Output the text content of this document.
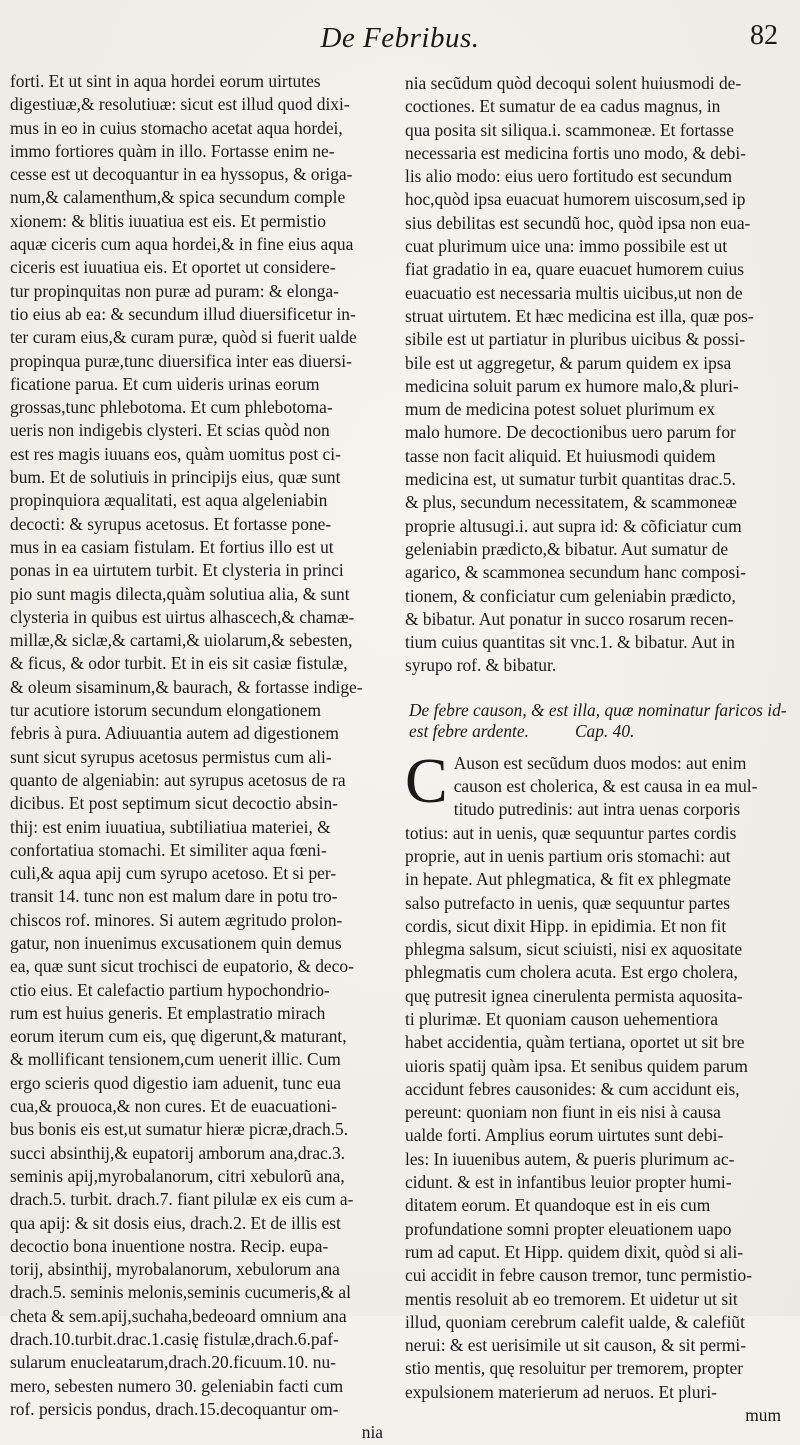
De Febribus.	82
forti. Et ut sint in aqua hordei eorum uirtutes
digestiuæ,& resolutiuæ: sicut est illud quod dixi-
mus in eo in cuius stomacho acetat aqua hordei,
immo fortiores quàm in illo. Fortasse enim ne-
cesse est ut decoquantur in ea hyssopus, & origa-
num,& calamenthum,& spica secundum comple
xionem: & blitis iuuatiua est eis. Et permistio
aquæ ciceris cum aqua hordei,& in fine eius aqua
ciceris est iuuatiua eis. Et oportet ut considere-
tur propinquitas non puræ ad puram: & elonga-
tio eius ab ea: & secundum illud diuersificetur in-
ter curam eius,& curam puræ, quòd si fuerit ualde
propinqua puræ,tunc diuersifica inter eas diuersi-
ficatione parua. Et cum uideris urinas eorum
grossas,tunc phlebotoma. Et cum phlebotoma-
ueris non indigebis clysteri. Et scias quòd non
est res magis iuuans eos, quàm uomitus post ci-
bum. Et de solutiuis in principijs eius, quæ sunt
propinquiora æqualitati, est aqua algeleniabin
decocti: & syrupus acetosus. Et fortasse pone-
mus in ea casiam fistulam. Et fortius illo est ut
ponas in ea uirtutem turbit. Et clysteria in princi
pio sunt magis dilecta,quàm solutiua alia, & sunt
clysteria in quibus est uirtus alhascech,& chamæ-
millæ,& siclæ,& cartami,& uiolarum,& sebesten,
& ficus, & odor turbit. Et in eis sit casiæ fistulæ,
& oleum sisaminum,& baurach, & fortasse indige-
tur acutiore istorum secundum elongationem
febris à pura. Adiuuantia autem ad digestionem
sunt sicut syrupus acetosus permistus cum ali-
quanto de algeniabin: aut syrupus acetosus de ra
dicibus. Et post septimum sicut decoctio absin-
thij: est enim iuuatiua, subtiliatiua materiei, &
confortatiua stomachi. Et similiter aqua fœni-
culi,& aqua apij cum syrupo acetoso. Et si per-
transit 14. tunc non est malum dare in potu tro-
chiscos rof. minores. Si autem ægritudo prolon-
gatur, non inuenimus excusationem quin demus
ea, quæ sunt sicut trochisci de eupatorio, & deco-
ctio eius. Et calefactio partium hypochondrio-
rum est huius generis. Et emplastratio mirach
eorum iterum cum eis, quę digerunt,& maturant,
& mollificant tensionem,cum uenerit illic. Cum
ergo scieris quod digestio iam aduenit, tunc eua
cua,& prouoca,& non cures. Et de euacuationi-
bus bonis eis est,ut sumatur hieræ picræ,drach.5.
succi absinthij,& eupatorij amborum ana,drac.3.
seminis apij,myrobalanorum, citri xebulorũ ana,
drach.5. turbit. drach.7. fiant pilulæ ex eis cum a-
qua apij: & sit dosis eius, drach.2. Et de illis est
decoctio bona inuentione nostra. Recip. eupa-
torij, absinthij, myrobalanorum, xebulorum ana
drach.5. seminis melonis,seminis cucumeris,& al
cheta & sem.apij,suchaha,bedeoard omnium ana
drach.10.turbit.drac.1.casię fistulæ,drach.6.paf-
sularum enucleatarum,drach.20.ficuum.10. nu-
mero, sebesten numero 30. geleniabin facti cum
rof. persicis pondus, drach.15.decoquantur om-
nia
nia secũdum quòd decoqui solent huiusmodi de-
coctiones. Et sumatur de ea cadus magnus, in
qua posita sit siliqua.i. scammoneæ. Et fortasse
necessaria est medicina fortis uno modo, & debi-
lis alio modo: eius uero fortitudo est secundum
hoc,quòd ipsa euacuat humorem uiscosum,sed ip
sius debilitas est secundũ hoc, quòd ipsa non eua-
cuat plurimum uice una: immo possibile est ut
fiat gradatio in ea, quare euacuet humorem cuius
euacuatio est necessaria multis uicibus,ut non de
struat uirtutem. Et hæc medicina est illa, quæ pos-
sibile est ut partiatur in pluribus uicibus & possi-
bile est ut aggregetur, & parum quidem ex ipsa
medicina soluit parum ex humore malo,& pluri-
mum de medicina potest soluet plurimum ex
malo humore. De decoctionibus uero parum for
tasse non facit aliquid. Et huiusmodi quidem
medicina est, ut sumatur turbit quantitas drac.5.
& plus, secundum necessitatem, & scammoneæ
proprie altusugi.i. aut supra id: & cõficiatur cum
geleniabin prædicto,& bibatur. Aut sumatur de
agarico, & scammonea secundum hanc composi-
tionem, & conficiatur cum geleniabin prædicto,
& bibatur. Aut ponatur in succo rosarum recen-
tium cuius quantitas sit vnc.1. & bibatur. Aut in
syrupo rof. & bibatur.
De febre causon, & est illa, quæ nominatur faricos id-
est febre ardente.	Cap. 40.
C Auson est secũdum duos modos: aut enim
causon est cholerica, & est causa in ea mul-
titudo putredinis: aut intra uenas corporis
totius: aut in uenis, quæ sequuntur partes cordis
proprie, aut in uenis partium oris stomachi: aut
in hepate. Aut phlegmatica, & fit ex phlegmate
salso putrefacto in uenis, quæ sequuntur partes
cordis, sicut dixit Hipp. in epidimia. Et non fit
phlegma salsum, sicut sciuisti, nisi ex aquositate
phlegmatis cum cholera acuta. Est ergo cholera,
quę putresit ignea cinerulenta permista aquosita-
ti plurimæ. Et quoniam causon uehementiora
habet accidentia, quàm tertiana, oportet ut sit bre
uioris spatij quàm ipsa. Et senibus quidem parum
accidunt febres causonides: & cum accidunt eis,
pereunt: quoniam non fiunt in eis nisi à causa
ualde forti. Amplius eorum uirtutes sunt debi-
les: In iuuenibus autem, & pueris plurimum ac-
cidunt. & est in infantibus leuior propter humi-
ditatem eorum. Et quandoque est in eis cum
profundatione somni propter eleuationem uapo
rum ad caput. Et Hipp. quidem dixit, quòd si ali-
cui accidit in febre causon tremor, tunc permistio-
mentis resoluit ab eo tremorem. Et uidetur ut sit
illud, quoniam cerebrum calefit ualde, & calefiũt
nerui: & est uerisimile ut sit causon, & sit permi-
stio mentis, quę resoluitur per tremorem, propter
expulsionem materierum ad neruos. Et pluri-
mum
